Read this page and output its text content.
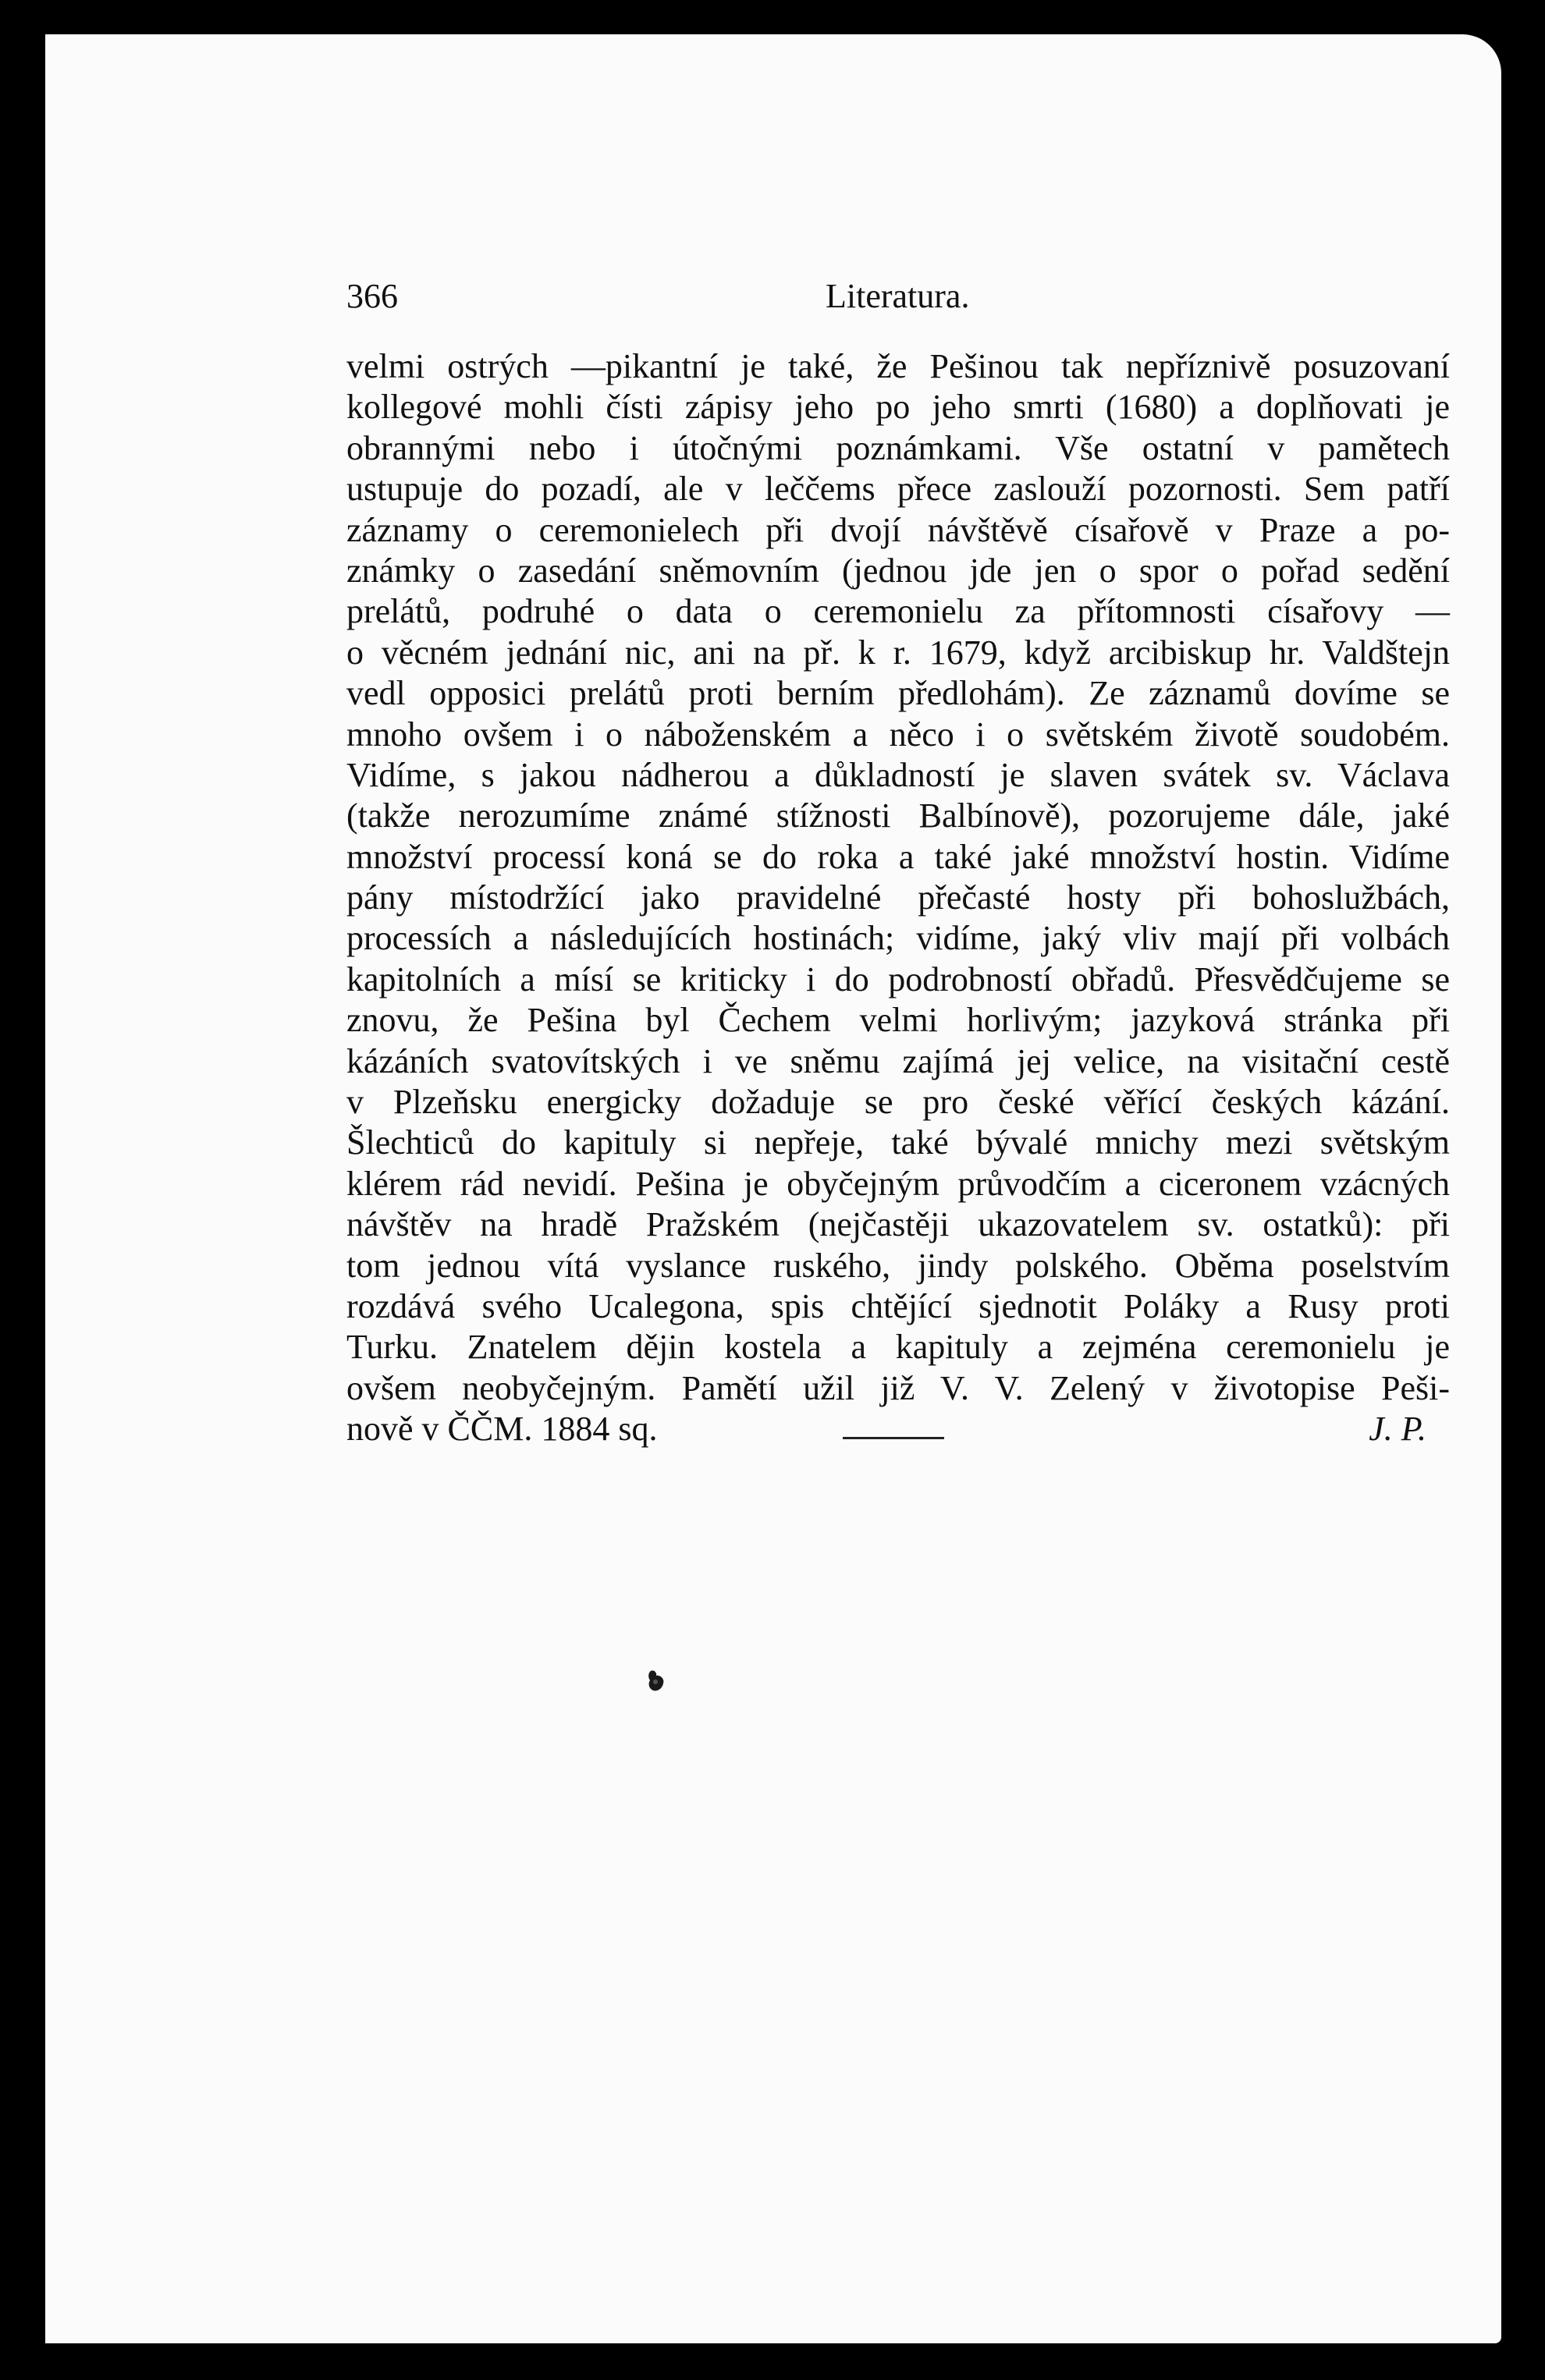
366	Literatura.
velmi ostrých —pikantní je také, že Pešinou tak nepříznivě posuzovaní
kollegové mohli čísti zápisy jeho po jeho smrti (1680) a doplňovati je
obrannými nebo i útočnými poznámkami. Vše ostatní v pamětech
ustupuje do pozadí, ale v leččems přece zaslouží pozornosti. Sem patří
záznamy o ceremonielech při dvojí návštěvě císařově v Praze a po-
známky o zasedání sněmovním (jednou jde jen o spor o pořad sedění
prelátů, podruhé o data o ceremonielu za přítomnosti císařovy —
o věcném jednání nic, ani na př. k r. 1679, když arcibiskup hr. Valdštejn
vedl opposici prelátů proti berním předlohám). Ze záznamů dovíme se
mnoho ovšem i o náboženském a něco i o světském životě soudobém.
Vidíme, s jakou nádherou a důkladností je slaven svátek sv. Václava
(takže nerozumíme známé stížnosti Balbínově), pozorujeme dále, jaké
množství processí koná se do roka a také jaké množství hostin. Vidíme
pány místodržící jako pravidelné přečasté hosty při bohoslužbách,
processích a následujících hostinách; vidíme, jaký vliv mají při volbách
kapitolních a mísí se kriticky i do podrobností obřadů. Přesvědčujeme se
znovu, že Pešina byl Čechem velmi horlivým; jazyková stránka při
kázáních svatovítských i ve sněmu zajímá jej velice, na visitační cestě
v Plzeňsku energicky dožaduje se pro české věřící českých kázání.
Šlechticů do kapituly si nepřeje, také bývalé mnichy mezi světským
klérem rád nevidí. Pešina je obyčejným průvodčím a ciceronem vzácných
návštěv na hradě Pražském (nejčastěji ukazovatelem sv. ostatků): při
tom jednou vítá vyslance ruského, jindy polského. Oběma poselstvím
rozdává svého Ucalegona, spis chtějící sjednotit Poláky a Rusy proti
Turku. Znatelem dějin kostela a kapituly a zejména ceremonielu je
ovšem neobyčejným. Pamětí užil již V. V. Zelený v životopise Peši-
nově v ČČM. 1884 sq.	J. P.
